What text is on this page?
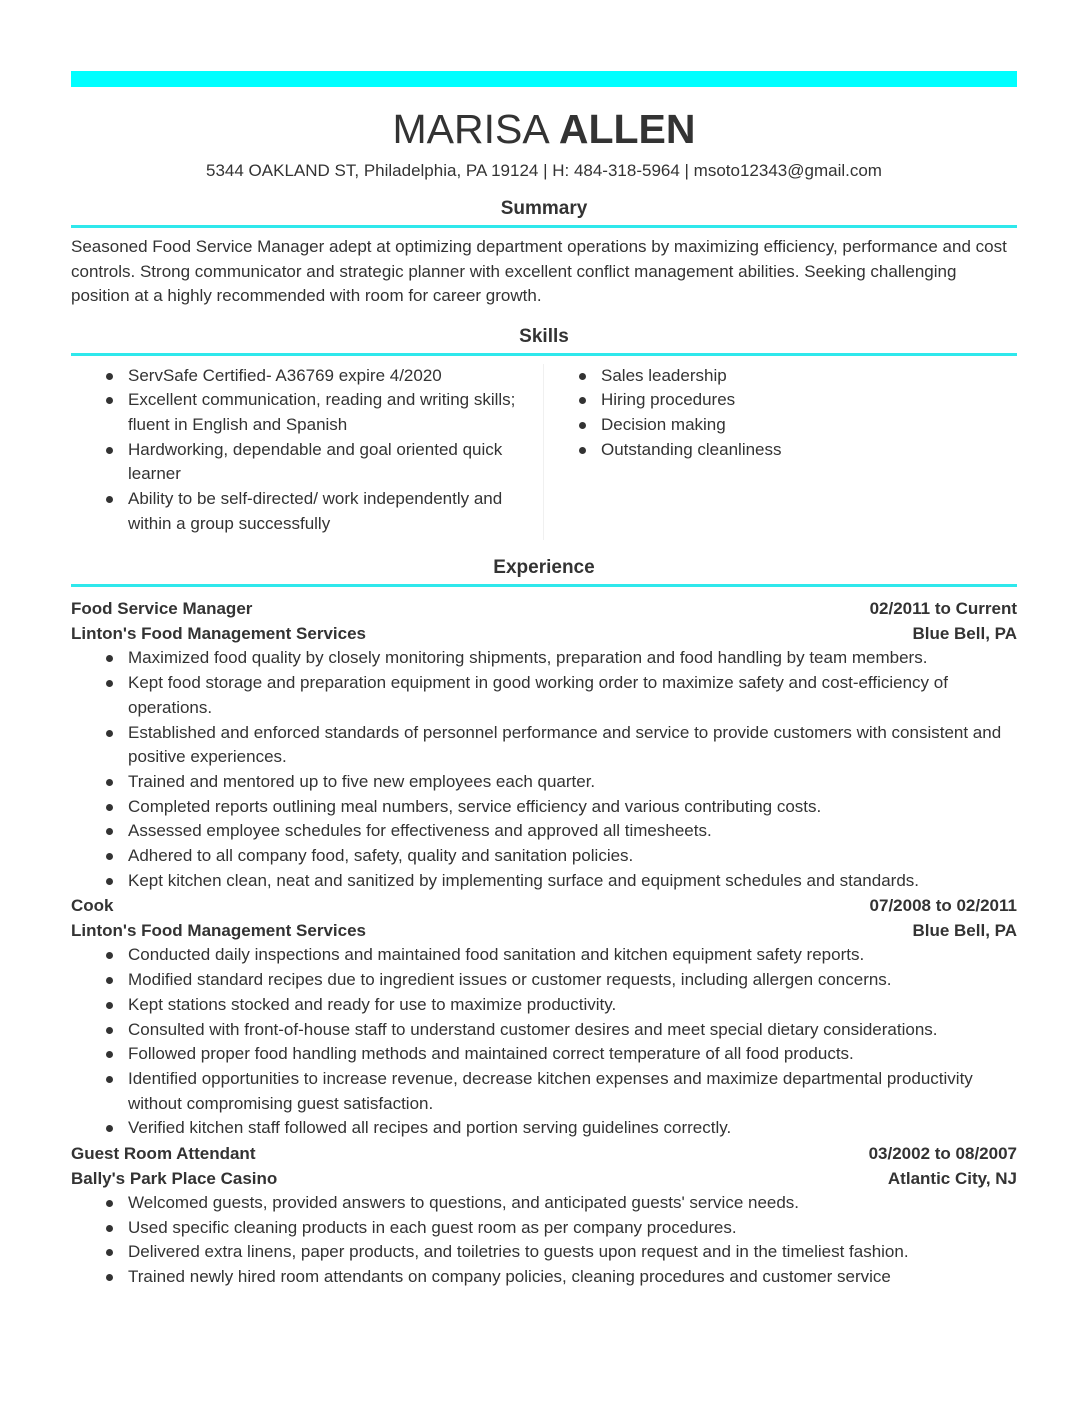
MARISA ALLEN
5344 OAKLAND ST, Philadelphia, PA 19124 | H: 484-318-5964 | msoto12343@gmail.com
Summary
Seasoned Food Service Manager adept at optimizing department operations by maximizing efficiency, performance and cost controls. Strong communicator and strategic planner with excellent conflict management abilities. Seeking challenging position at a highly recommended with room for career growth.
Skills
ServSafe Certified- A36769 expire 4/2020
Excellent communication, reading and writing skills; fluent in English and Spanish
Hardworking, dependable and goal oriented quick learner
Ability to be self-directed/ work independently and within a group successfully
Sales leadership
Hiring procedures
Decision making
Outstanding cleanliness
Experience
Food Service Manager	02/2011 to Current
Linton's Food Management Services	Blue Bell, PA
Maximized food quality by closely monitoring shipments, preparation and food handling by team members.
Kept food storage and preparation equipment in good working order to maximize safety and cost-efficiency of operations.
Established and enforced standards of personnel performance and service to provide customers with consistent and positive experiences.
Trained and mentored up to five new employees each quarter.
Completed reports outlining meal numbers, service efficiency and various contributing costs.
Assessed employee schedules for effectiveness and approved all timesheets.
Adhered to all company food, safety, quality and sanitation policies.
Kept kitchen clean, neat and sanitized by implementing surface and equipment schedules and standards.
Cook	07/2008 to 02/2011
Linton's Food Management Services	Blue Bell, PA
Conducted daily inspections and maintained food sanitation and kitchen equipment safety reports.
Modified standard recipes due to ingredient issues or customer requests, including allergen concerns.
Kept stations stocked and ready for use to maximize productivity.
Consulted with front-of-house staff to understand customer desires and meet special dietary considerations.
Followed proper food handling methods and maintained correct temperature of all food products.
Identified opportunities to increase revenue, decrease kitchen expenses and maximize departmental productivity without compromising guest satisfaction.
Verified kitchen staff followed all recipes and portion serving guidelines correctly.
Guest Room Attendant	03/2002 to 08/2007
Bally's Park Place Casino	Atlantic City, NJ
Welcomed guests, provided answers to questions, and anticipated guests' service needs.
Used specific cleaning products in each guest room as per company procedures.
Delivered extra linens, paper products, and toiletries to guests upon request and in the timeliest fashion.
Trained newly hired room attendants on company policies, cleaning procedures and customer service
